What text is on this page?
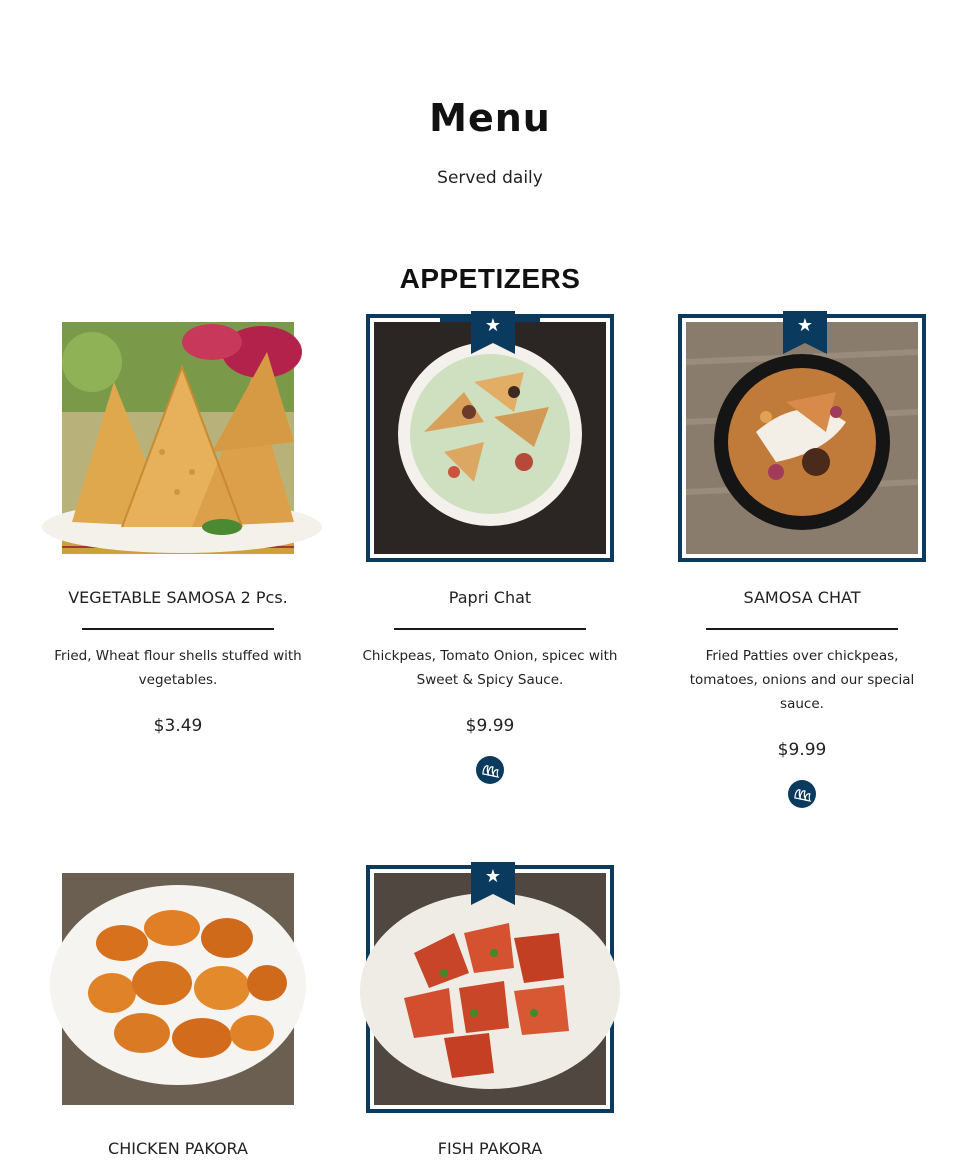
Menu
Served daily
APPETIZERS
VEGETABLE SAMOSA 2 Pcs.
Fried, Wheat flour shells stuffed with vegetables.
$3.49
★
Papri Chat
Chickpeas, Tomato Onion, spicec with Sweet & Spicy Sauce.
$9.99
★
SAMOSA CHAT
Fried Patties over chickpeas, tomatoes, onions and our special sauce.
$9.99
CHICKEN PAKORA
★
FISH PAKORA
